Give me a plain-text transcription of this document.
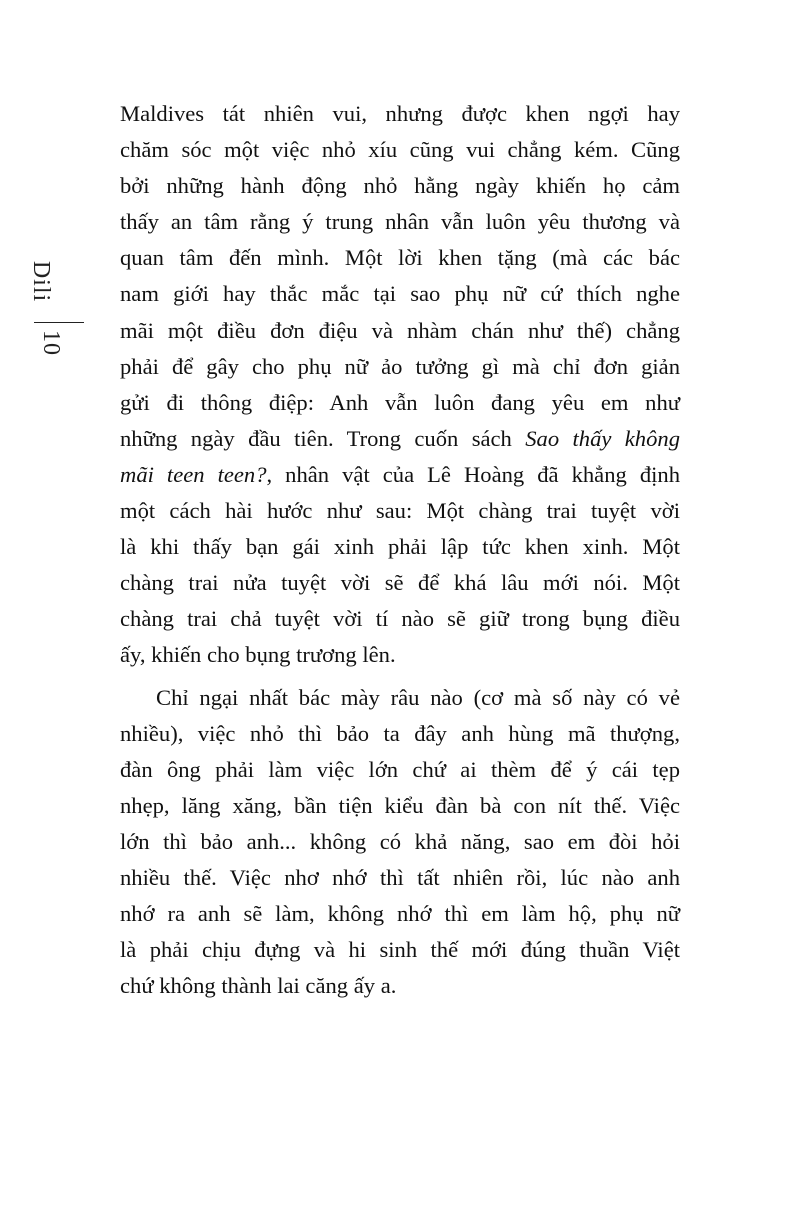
Dili
10
Maldives tát nhiên vui, nhưng được khen ngợi hay
chăm sóc một việc nhỏ xíu cũng vui chẳng kém. Cũng
bởi những hành động nhỏ hằng ngày khiến họ cảm
thấy an tâm rằng ý trung nhân vẫn luôn yêu thương và
quan tâm đến mình. Một lời khen tặng (mà các bác
nam giới hay thắc mắc tại sao phụ nữ cứ thích nghe
mãi một điều đơn điệu và nhàm chán như thế) chẳng
phải để gây cho phụ nữ ảo tưởng gì mà chỉ đơn giản
gửi đi thông điệp: Anh vẫn luôn đang yêu em như
những ngày đầu tiên. Trong cuốn sách Sao thấy không
mãi teen teen?, nhân vật của Lê Hoàng đã khẳng định
một cách hài hước như sau: Một chàng trai tuyệt vời
là khi thấy bạn gái xinh phải lập tức khen xinh. Một
chàng trai nửa tuyệt vời sẽ để khá lâu mới nói. Một
chàng trai chả tuyệt vời tí nào sẽ giữ trong bụng điều
ấy, khiến cho bụng trương lên.
Chỉ ngại nhất bác mày râu nào (cơ mà số này có vẻ
nhiều), việc nhỏ thì bảo ta đây anh hùng mã thượng,
đàn ông phải làm việc lớn chứ ai thèm để ý cái tẹp
nhẹp, lăng xăng, bần tiện kiểu đàn bà con nít thế. Việc
lớn thì bảo anh... không có khả năng, sao em đòi hỏi
nhiều thế. Việc nhơ nhớ thì tất nhiên rồi, lúc nào anh
nhớ ra anh sẽ làm, không nhớ thì em làm hộ, phụ nữ
là phải chịu đựng và hi sinh thế mới đúng thuần Việt
chứ không thành lai căng ấy a.
